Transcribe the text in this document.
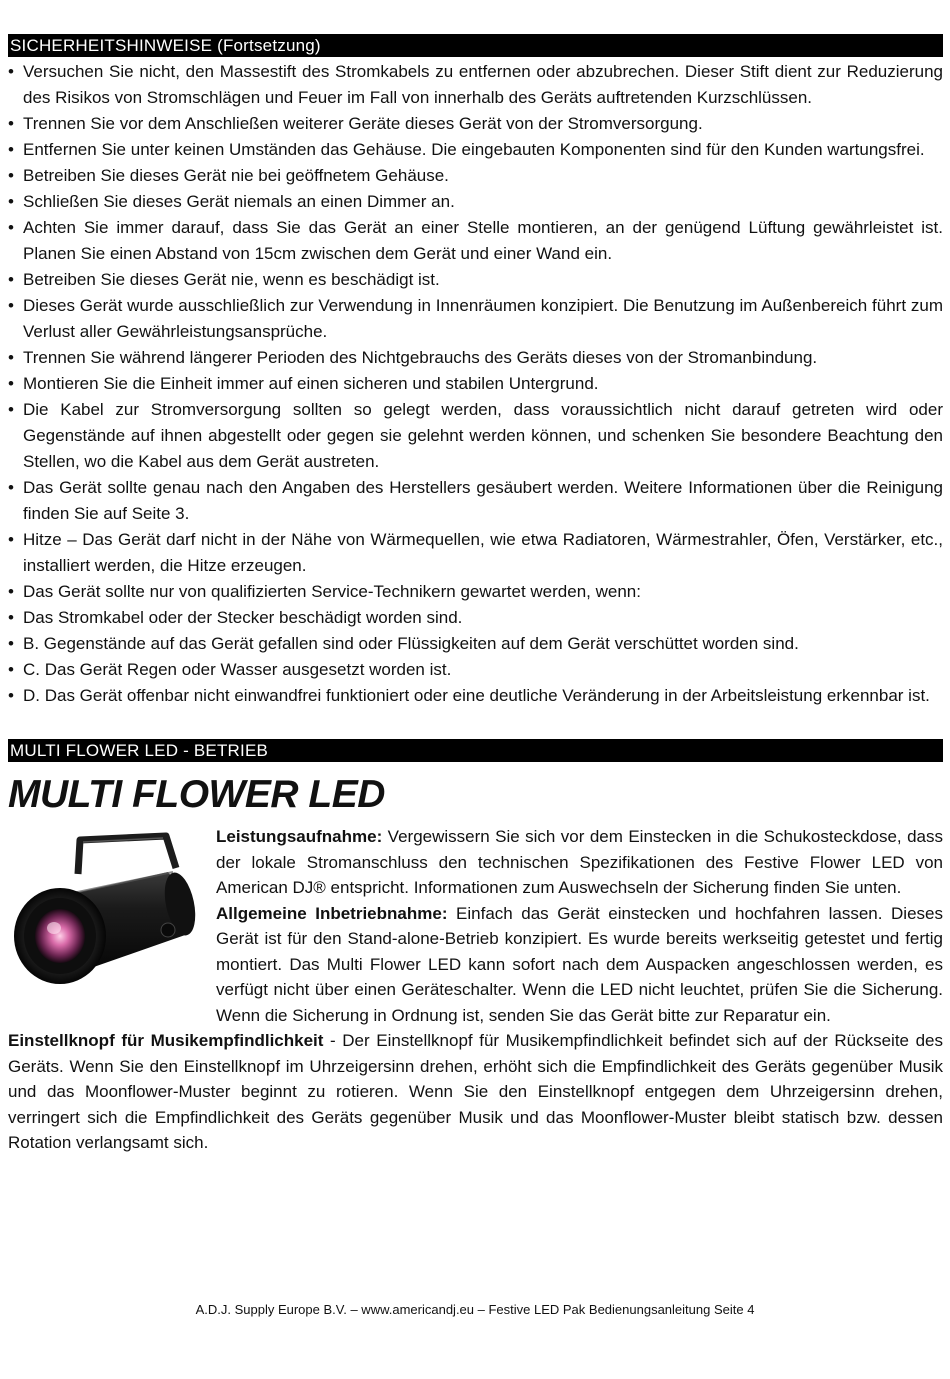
SICHERHEITSHINWEISE (Fortsetzung)
• Versuchen Sie nicht, den Massestift des Stromkabels zu entfernen oder abzubrechen. Dieser Stift dient zur Reduzierung des Risikos von Stromschlägen und Feuer im Fall von innerhalb des Geräts auftretenden Kurzschlüssen.
• Trennen Sie vor dem Anschließen weiterer Geräte dieses Gerät von der Stromversorgung.
• Entfernen Sie unter keinen Umständen das Gehäuse. Die eingebauten Komponenten sind für den Kunden wartungsfrei.
• Betreiben Sie dieses Gerät nie bei geöffnetem Gehäuse.
• Schließen Sie dieses Gerät niemals an einen Dimmer an.
• Achten Sie immer darauf, dass Sie das Gerät an einer Stelle montieren, an der genügend Lüftung gewährleistet ist. Planen Sie einen Abstand von 15cm zwischen dem Gerät und einer Wand ein.
• Betreiben Sie dieses Gerät nie, wenn es beschädigt ist.
• Dieses Gerät wurde ausschließlich zur Verwendung in Innenräumen konzipiert. Die Benutzung im Außenbereich führt zum Verlust aller Gewährleistungsansprüche.
• Trennen Sie während längerer Perioden des Nichtgebrauchs des Geräts dieses von der Stromanbindung.
• Montieren Sie die Einheit immer auf einen sicheren und stabilen Untergrund.
• Die Kabel zur Stromversorgung sollten so gelegt werden, dass voraussichtlich nicht darauf getreten wird oder Gegenstände auf ihnen abgestellt oder gegen sie gelehnt werden können, und schenken Sie besondere Beachtung den Stellen, wo die Kabel aus dem Gerät austreten.
• Das Gerät sollte genau nach den Angaben des Herstellers gesäubert werden. Weitere Informationen über die Reinigung finden Sie auf Seite 3.
• Hitze – Das Gerät darf nicht in der Nähe von Wärmequellen, wie etwa Radiatoren, Wärmestrahler, Öfen, Verstärker, etc., installiert werden, die Hitze erzeugen.
• Das Gerät sollte nur von qualifizierten Service-Technikern gewartet werden, wenn:
• Das Stromkabel oder der Stecker beschädigt worden sind.
• B. Gegenstände auf das Gerät gefallen sind oder Flüssigkeiten auf dem Gerät verschüttet worden sind.
• C. Das Gerät Regen oder Wasser ausgesetzt worden ist.
• D. Das Gerät offenbar nicht einwandfrei funktioniert oder eine deutliche Veränderung in der Arbeitsleistung erkennbar ist.
MULTI FLOWER LED - BETRIEB
MULTI FLOWER LED

Leistungsaufnahme: Vergewissern Sie sich vor dem Einstecken in die Schukosteckdose, dass der lokale Stromanschluss den technischen Spezifikationen des Festive Flower LED von American DJ® entspricht. Informationen zum Auswechseln der Sicherung finden Sie unten.

Allgemeine Inbetriebnahme: Einfach das Gerät einstecken und hochfahren lassen. Dieses Gerät ist für den Stand-alone-Betrieb konzipiert. Es wurde bereits werkseitig getestet und fertig montiert. Das Multi Flower LED kann sofort nach dem Auspacken angeschlossen werden, es verfügt nicht über einen Geräteschalter. Wenn die LED nicht leuchtet, prüfen Sie die Sicherung. Wenn die Sicherung in Ordnung ist, senden Sie das Gerät bitte zur Reparatur ein.

Einstellknopf für Musikempfindlichkeit - Der Einstellknopf für Musikempfindlichkeit befindet sich auf der Rückseite des Geräts. Wenn Sie den Einstellknopf im Uhrzeigersinn drehen, erhöht sich die Empfindlichkeit des Geräts gegenüber Musik und das Moonflower-Muster beginnt zu rotieren. Wenn Sie den Einstellknopf entgegen dem Uhrzeigersinn drehen, verringert sich die Empfindlichkeit des Geräts gegenüber Musik und das Moonflower-Muster bleibt statisch bzw. dessen Rotation verlangsamt sich.

A.D.J. Supply Europe B.V. – www.americandj.eu – Festive LED Pak Bedienungsanleitung Seite 4
